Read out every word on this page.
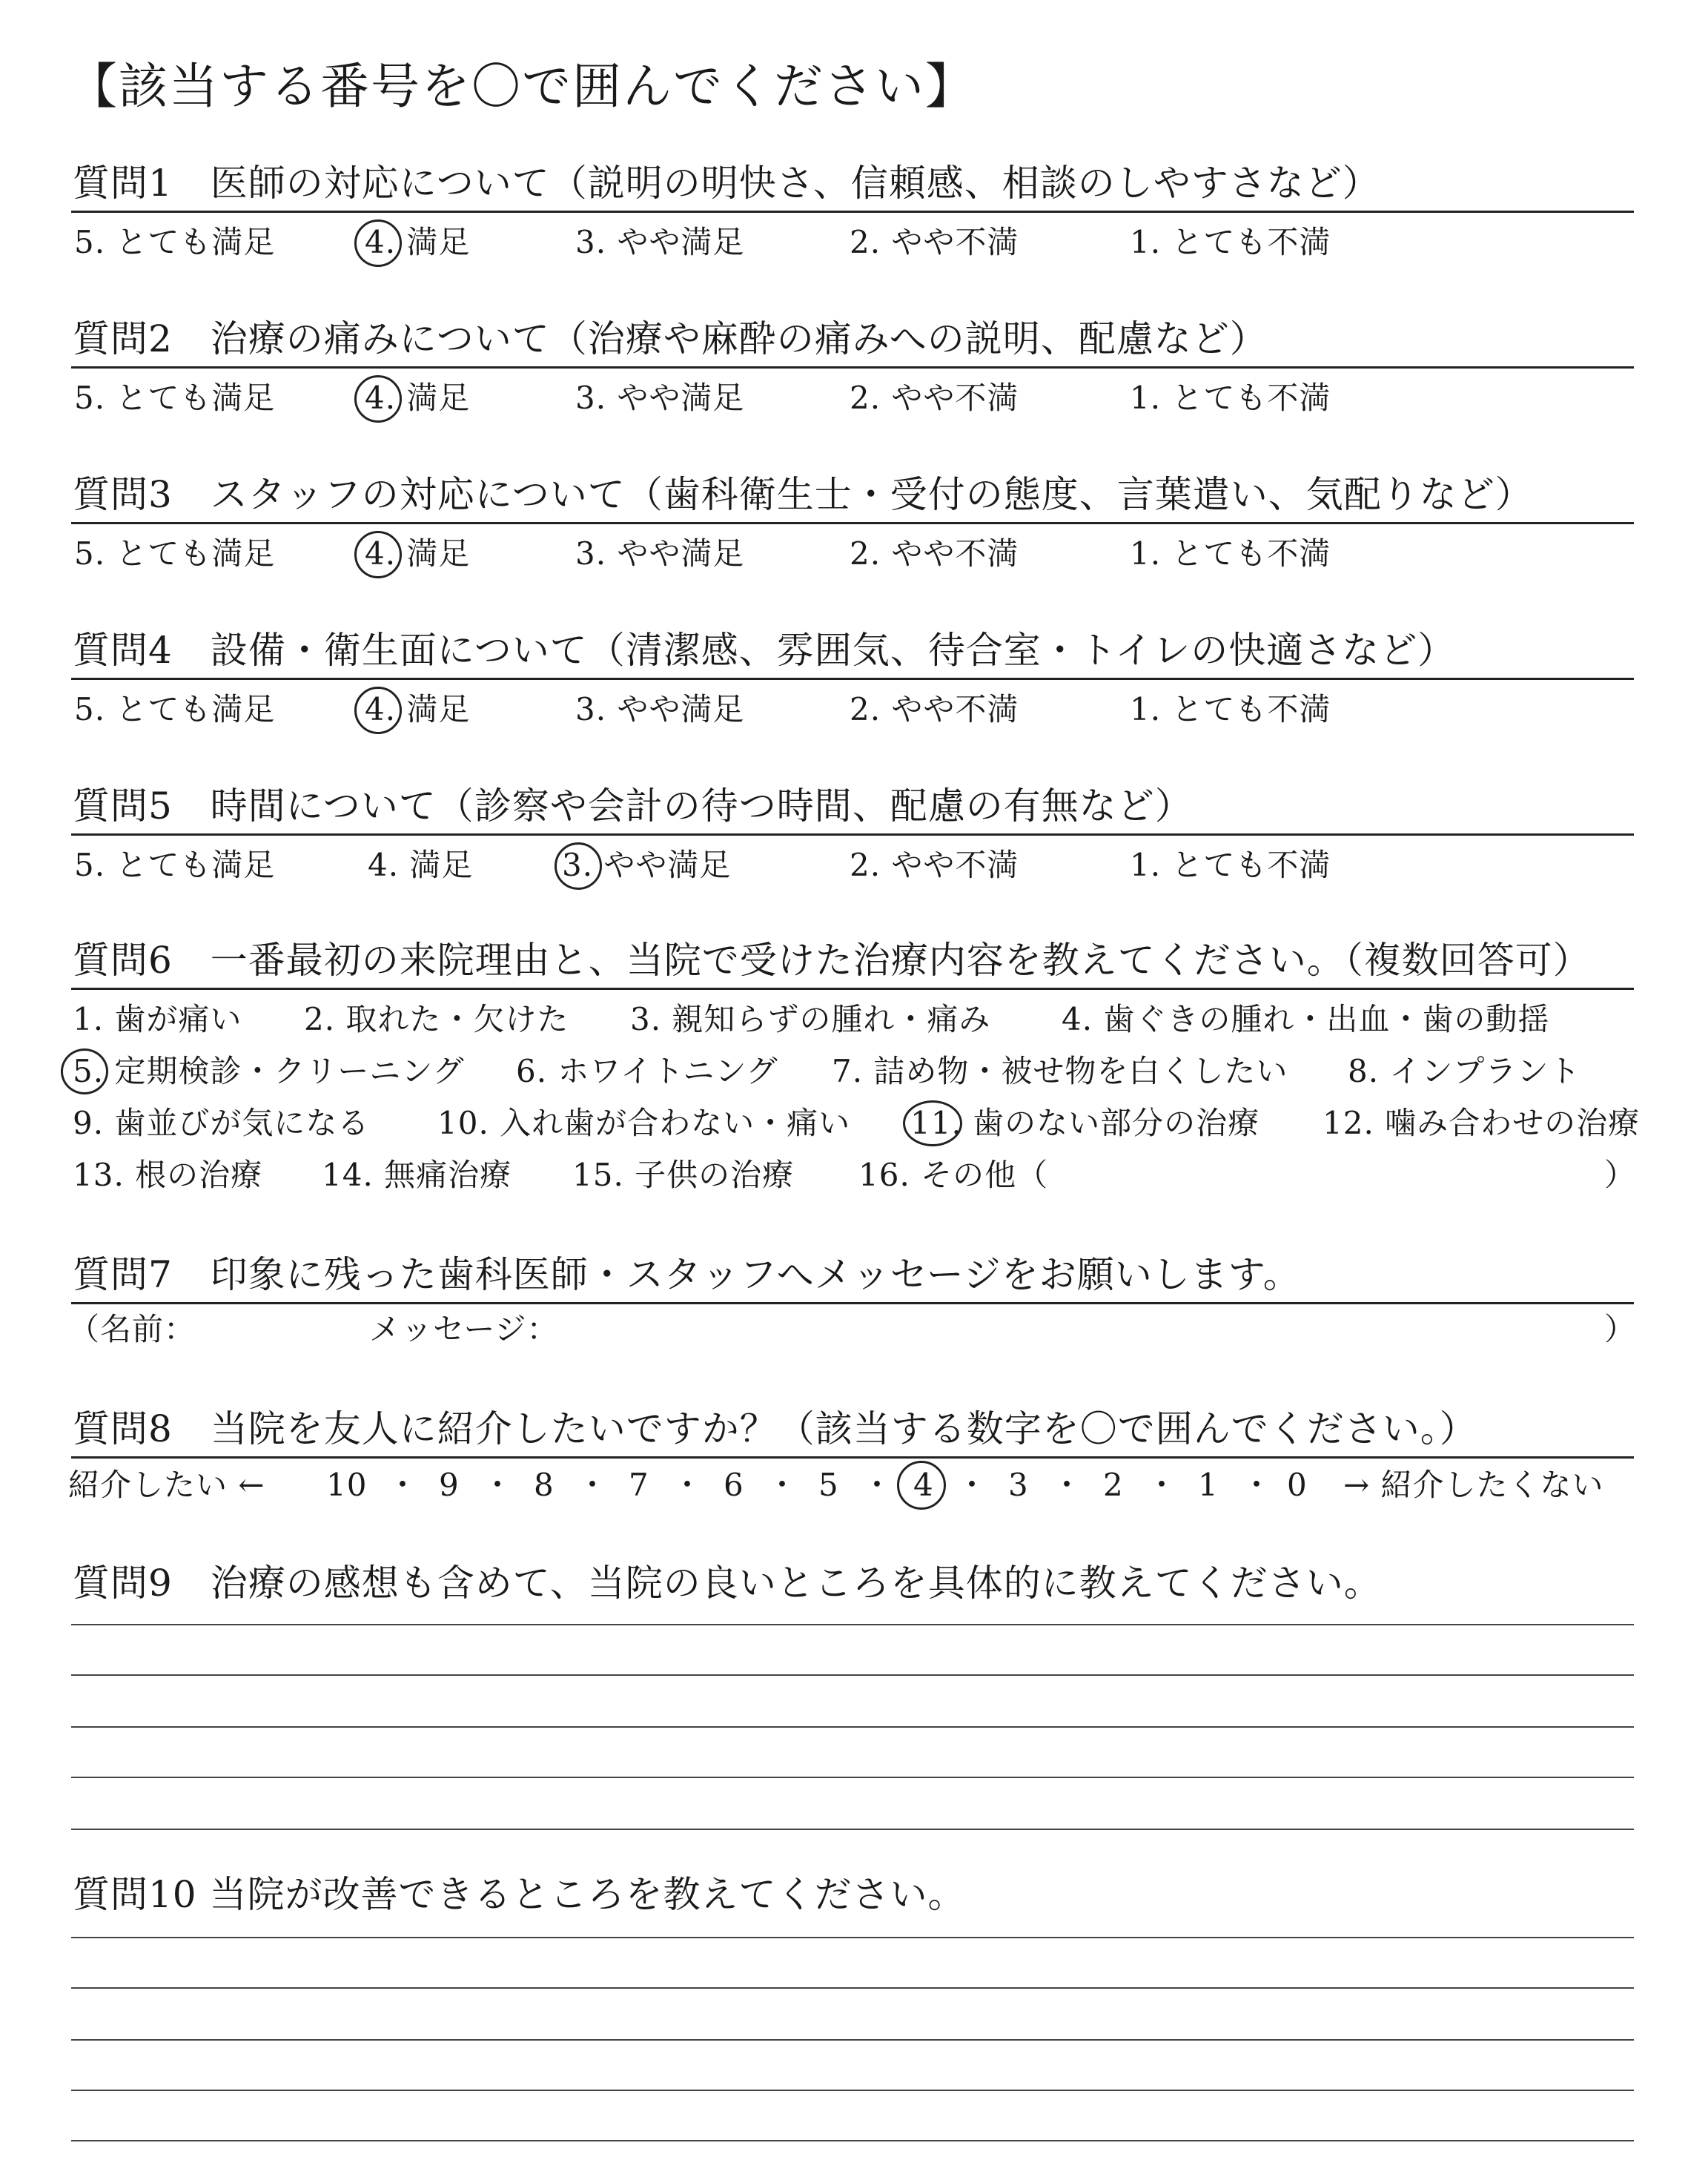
【該当する番号を〇で囲んでください】
質問1　医師の対応について（説明の明快さ、信頼感、相談のしやすさなど）
5. とても満足	4. 満足	3. やや満足	2. やや不満	1. とても不満
質問2　治療の痛みについて（治療や麻酔の痛みへの説明、配慮など）
5. とても満足	4. 満足	3. やや満足	2. やや不満	1. とても不満
質問3　スタッフの対応について（歯科衛生士・受付の態度、言葉遣い、気配りなど）
5. とても満足	4. 満足	3. やや満足	2. やや不満	1. とても不満
質問4　設備・衛生面について（清潔感、雰囲気、待合室・トイレの快適さなど）
5. とても満足	4. 満足	3. やや満足	2. やや不満	1. とても不満
質問5　時間について（診察や会計の待つ時間、配慮の有無など）
5. とても満足	4. 満足	3. やや満足	2. やや不満	1. とても不満
質問6　一番最初の来院理由と、当院で受けた治療内容を教えてください。（複数回答可）
1. 歯が痛い 2. 取れた・欠けた 3. 親知らずの腫れ・痛み 4. 歯ぐきの腫れ・出血・歯の動揺
5. 定期検診・クリーニング 6. ホワイトニング 7. 詰め物・被せ物を白くしたい 8. インプラント
9. 歯並びが気になる 10. 入れ歯が合わない・痛い 11. 歯のない部分の治療 12. 噛み合わせの治療
13. 根の治療 14. 無痛治療 15. 子供の治療 16. その他（	）
質問7　印象に残った歯科医師・スタッフへメッセージをお願いします。
（名前：	メッセージ：	）
質問8　当院を友人に紹介したいですか？（該当する数字を〇で囲んでください。）
紹介したい ←	→ 紹介したくない
10 ・ 9 ・ 8 ・ 7 ・ 6 ・ 5 ・ 4 ・ 3 ・ 2 ・ 1 ・ 0
質問9　治療の感想も含めて、当院の良いところを具体的に教えてください。
質問10 当院が改善できるところを教えてください。
